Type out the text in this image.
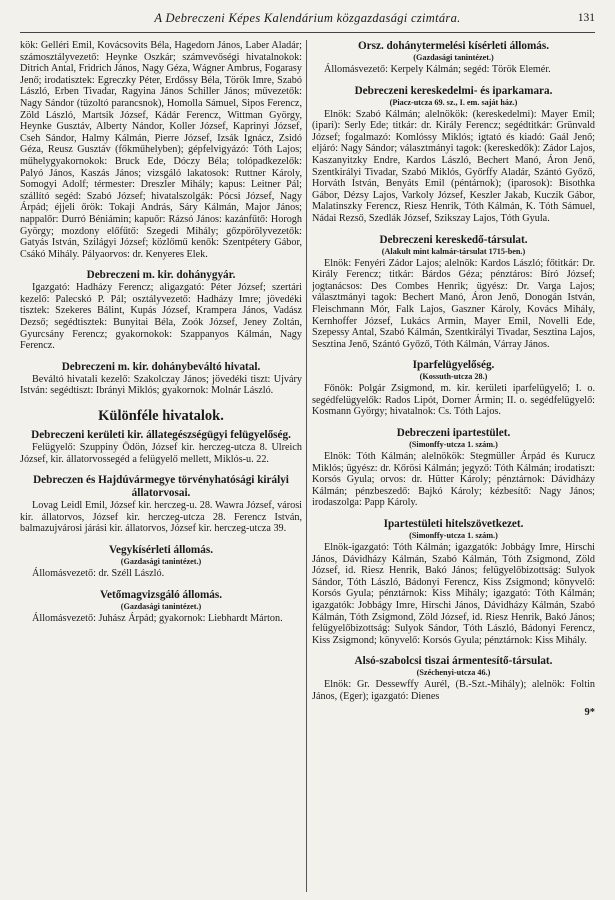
A Debreczeni Képes Kalendárium közgazdasági czimtára.	131

kök: Gelléri Emil, Kovácsovits Béla, Hagedorn János, Laber Aladár; számosztályvezető: Heynke Oszkár; számvevőségi hivatalnokok: Ditrich Antal, Fridrich János, Nagy Géza, Wágner Ambrus, Fogarasy Jenő; irodatisztek: Egreczky Péter, Erdőssy Béla, Török Imre, Szabó László, Erben Tivadar, Ragyina János Schiller János; művezetők: Nagy Sándor (tüzoltó parancsnok), Homolla Sámuel, Sipos Ferencz, Zöld László, Martsik József, Kádár Ferencz, Wittman György, Heynke Gusztáv, Alberty Nándor, Koller József, Kaprinyi József, Cseh Sándor, Halmy Kálmán, Pierre József, Izsák Ignácz, Zsidó Géza, Reusz Gusztáv (főkműhelyben); gépfelvigyázó: Tóth Lajos; műhelygyakornokok: Bruck Ede, Dóczy Béla; tolópadkezelők: Palyó János, Kaszás János; vizsgáló lakatosok: Ruttner Károly, Somogyi Adolf; térmester: Dreszler Mihály; kapus: Leitner Pál; szállító segéd: Szabó József; hivatalszolgák: Pócsi József, Nagy Árpád; éjjeli őrök: Tokaji András, Sáry Kálmán, Major János; nappalőr: Durró Béniámin; kapuőr: Rázsó János: kazánfűtő: Horogh György; mozdony előfűtő: Szegedi Mihály; gőzpörölyvezetők: Gatyás István, Szilágyi József; közlőmű kenők: Szentpétery Gábor, Csákó Mihály. Pályaorvos: dr. Kenyeres Elek.

Debreczeni m. kir. dohánygyár.

Igazgató: Hadházy Ferencz; aligazgató: Péter József; szertári kezelő: Palecskó P. Pál; osztályvezető: Hadházy Imre; jövedéki tisztek: Szekeres Bálint, Kupás József, Krampera János, Vadász Dezső; segédtisztek: Bunyitai Béla, Zoók József, Jeney Zoltán, Gyurcsány Ferencz; gyakornokok: Szappanyos Kálmán, Nagy Ferencz.

Debreczeni m. kir. dohánybeváltó hivatal.

Beváltó hivatali kezelő: Szakolczay János; jövedéki tiszt: Ujváry István: segédtiszt: Ibrányi Miklós; gyakornok: Molnár László.

Különféle hivatalok.
Debreczeni kerületi kir. állategészségügyi felügyelőség.

Felügyelő: Szuppiny Ödön, József kir. herczeg-utcza 8. Ulreich József, kir. állatorvossegéd a felügyelő mellett, Miklós-u. 22.

Debreczen és Hajdúvármegye törvényhatósági királyi állatorvosai.

Lovag Leidl Emil, József kir. herczeg-u. 28. Wawra József, városi kir. állatorvos, József kir. herczeg-utcza 28. Ferencz István, balmazujvárosi járási kir. állatorvos, József kir. herczeg-utcza 39.

Vegykísérleti állomás.
(Gazdasági tanintézet.)

Állomásvezető: dr. Széll László.

Vetőmagvizsgáló állomás.
(Gazdasági tanintézet.)

Állomásvezető: Juhász Árpád; gyakornok: Liebhardt Márton.

Orsz. dohánytermelési kísérleti állomás.
(Gazdasági tanintézet.)

Állomásvezető: Kerpely Kálmán; segéd: Török Elemér.

Debreczeni kereskedelmi- és iparkamara.
(Piacz-utcza 69. sz., I. em. saját ház.)

Elnök: Szabó Kálmán; alelnökök: (kereskedelmi): Mayer Emil; (ipari): Serly Ede; titkár: dr. Király Ferencz; segédtitkár: Grünvald József; fogalmazó: Komlóssy Miklós; igtató és kiadó: Gaál Jenő; eljáró: Nagy Sándor; választmányi tagok: (kereskedők): Zádor Lajos, Kaszanyitzky Endre, Kardos László, Bechert Manó, Áron Jenő, Szentkirályi Tivadar, Szabó Miklós, Győrffy Aladár, Szántó Győző, Horváth István, Benyáts Emil (péntárnok); (iparosok): Bisothka Gábor, Dézsy Lajos, Varkoly József, Keszler Jakab, Kuczik Gábor, Malatinszky Ferencz, Riesz Henrik, Tóth Kálmán, K. Tóth Sámuel, Nádai Rezső, Szedlák József, Szikszay Lajos, Tóth Gyula.

Debreczeni kereskedő-társulat.
(Alakult mint kalmár-társulat 1715-ben.)

Elnök: Fenyéri Zádor Lajos; alelnök: Kardos László; főtitkár: Dr. Király Ferencz; titkár: Bárdos Géza; pénztáros: Bíró József; jogtanácsos: Des Combes Henrik; ügyész: Dr. Varga Lajos; választmányi tagok: Bechert Manó, Áron Jenő, Donogán István, Fleischmann Mór, Falk Lajos, Gaszner Károly, Kovács Mihály, Kernhoffer József, Lukács Armin, Mayer Emil, Novelli Ede, Szepessy Antal, Szabó Kálmán, Szentkirályi Tivadar, Sesztina Lajos, Sesztina Jenő, Szántó Győző, Tóth Kálmán, Várray János.

Iparfelügyelőség.
(Kossuth-utcza 28.)

Főnök: Polgár Zsigmond, m. kir. kerületi iparfelügyelő; I. o. segédfelügyelők: Rados Lipót, Dorner Ármin; II. o. segédfelügyelő: Kosmann György; hivatalnok: Cs. Tóth Lajos.

Debreczeni ipartestület.
(Simonffy-utcza 1. szám.)

Elnök: Tóth Kálmán; alelnökök: Stegmüller Árpád és Kurucz Miklós; ügyész: dr. Kőrösi Kálmán; jegyző: Tóth Kálmán; irodatiszt: Korsós Gyula; orvos: dr. Hütter Károly; pénztárnok: Dávidházy Kálmán; pénzbeszedő: Bajkó Károly; kézbesítő: Nagy János; irodaszolga: Papp Károly.

Ipartestületi hitelszövetkezet.
(Simonffy-utcza 1. szám.)

Elnök-igazgató: Tóth Kálmán; igazgatók: Jobbágy Imre, Hirschi János, Dávidházy Kálmán, Szabó Kálmán, Tóth Zsigmond, Zöld József, id. Riesz Henrik, Bakó János; felügyelőbizottság: Sulyok Sándor, Tóth László, Bádonyi Ferencz, Kiss Zsigmond; könyvelő: Korsós Gyula; pénztárnok: Kiss Mihály; igazgató: Tóth Kálmán; igazgatók: Jobbágy Imre, Hirschi János, Dávidházy Kálmán, Szabó Kálmán, Tóth Zsigmond, Zöld József, id. Riesz Henrik, Bakó János; felügyelőbizottság: Sulyok Sándor, Tóth László, Bádonyi Ferencz, Kiss Zsigmond; könyvelő: Korsós Gyula; pénztárnok: Kiss Mihály.

Alsó-szabolcsi tiszai ármentesítő-társulat.
(Széchenyi-utcza 46.)

Elnök: Gr. Dessewffy Aurél, (B.-Szt.-Mihály); alelnök: Foltin János, (Eger); igazgató: Dienes

9*
